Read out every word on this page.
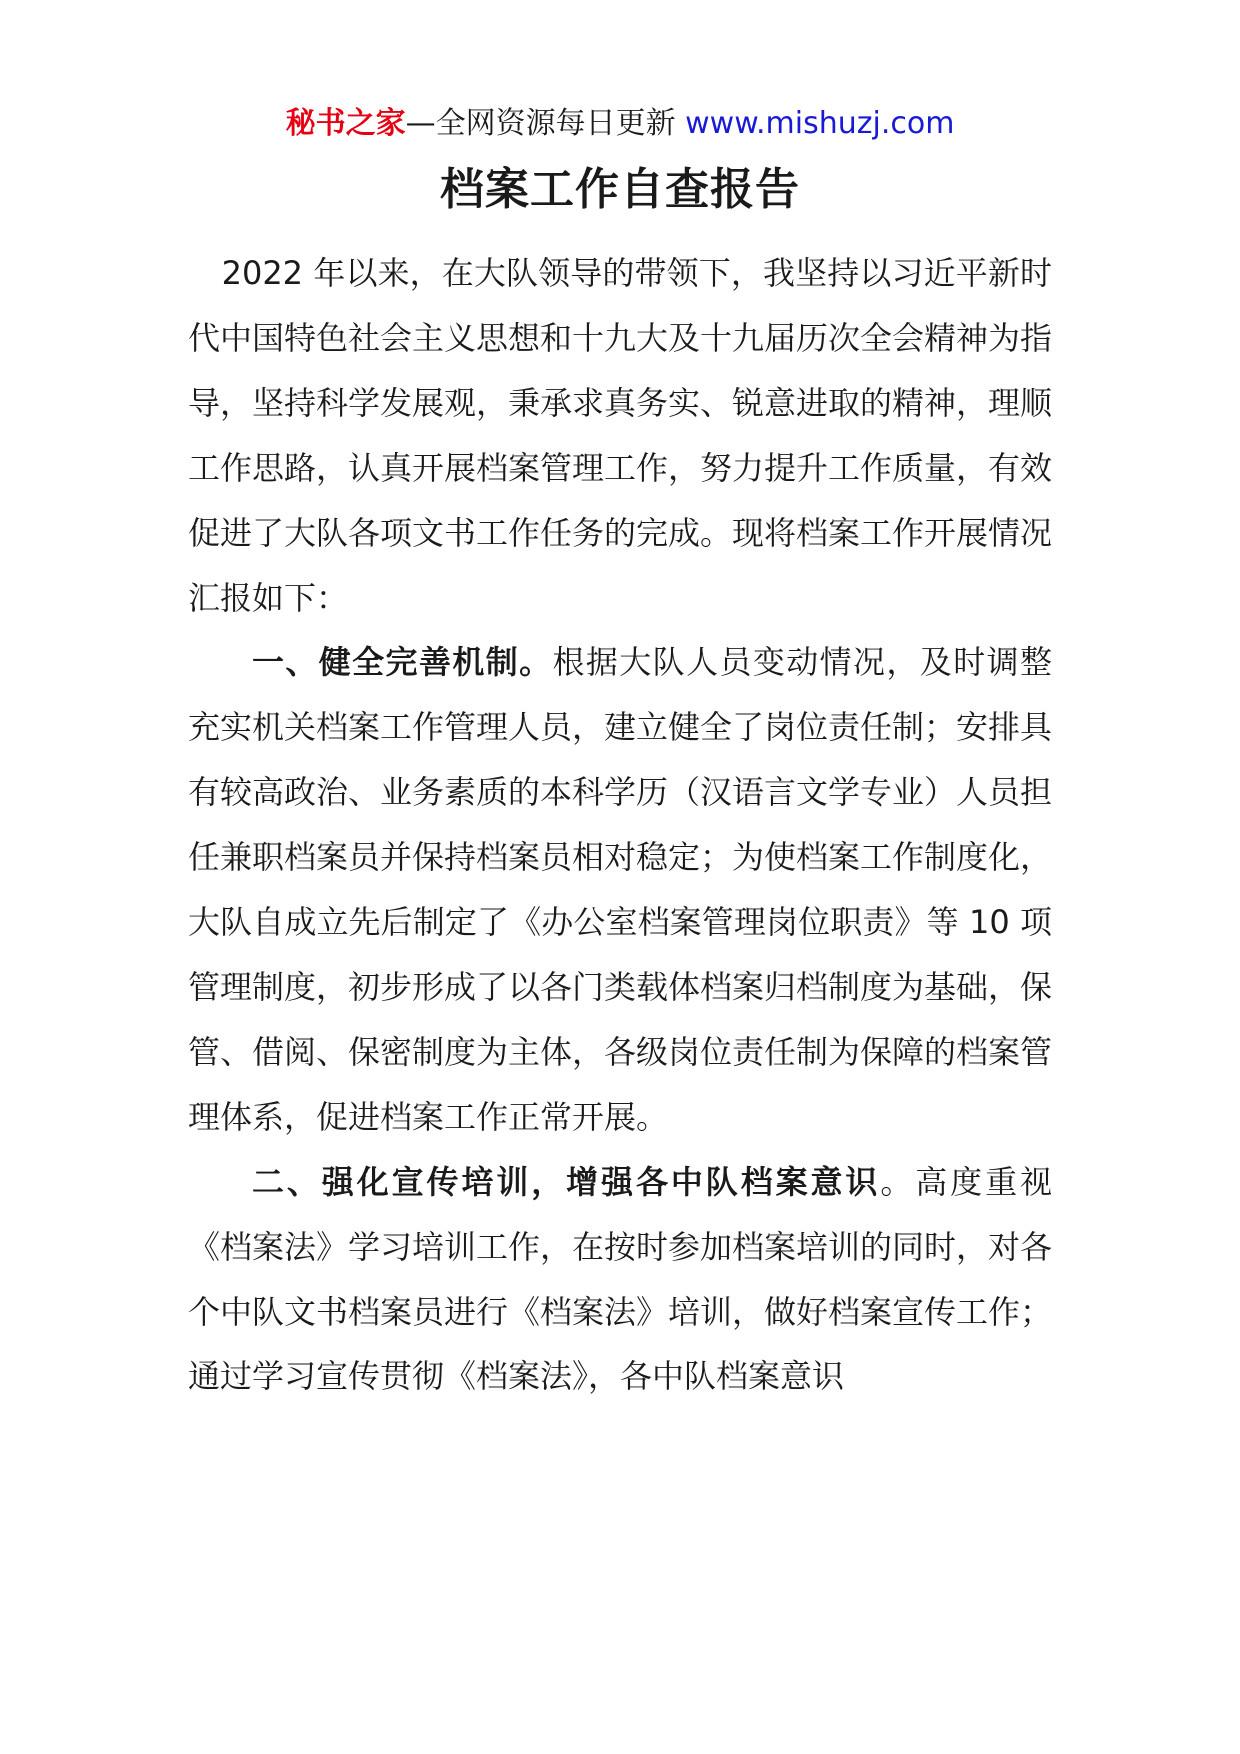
秘书之家—全网资源每日更新 www.mishuzj.com
档案工作自查报告

2022 年以来，在大队领导的带领下，我坚持以习近平新时代中国特色社会主义思想和十九大及十九届历次全会精神为指导，坚持科学发展观，秉承求真务实、锐意进取的精神，理顺工作思路，认真开展档案管理工作，努力提升工作质量，有效促进了大队各项文书工作任务的完成。现将档案工作开展情况汇报如下：

一、健全完善机制。根据大队人员变动情况，及时调整充实机关档案工作管理人员，建立健全了岗位责任制；安排具有较高政治、业务素质的本科学历（汉语言文学专业）人员担任兼职档案员并保持档案员相对稳定；为使档案工作制度化，大队自成立先后制定了《办公室档案管理岗位职责》等 10 项管理制度，初步形成了以各门类载体档案归档制度为基础，保管、借阅、保密制度为主体，各级岗位责任制为保障的档案管理体系，促进档案工作正常开展。

二、强化宣传培训，增强各中队档案意识。高度重视《档案法》学习培训工作，在按时参加档案培训的同时，对各个中队文书档案员进行《档案法》培训，做好档案宣传工作；通过学习宣传贯彻《档案法》，各中队档案意识
